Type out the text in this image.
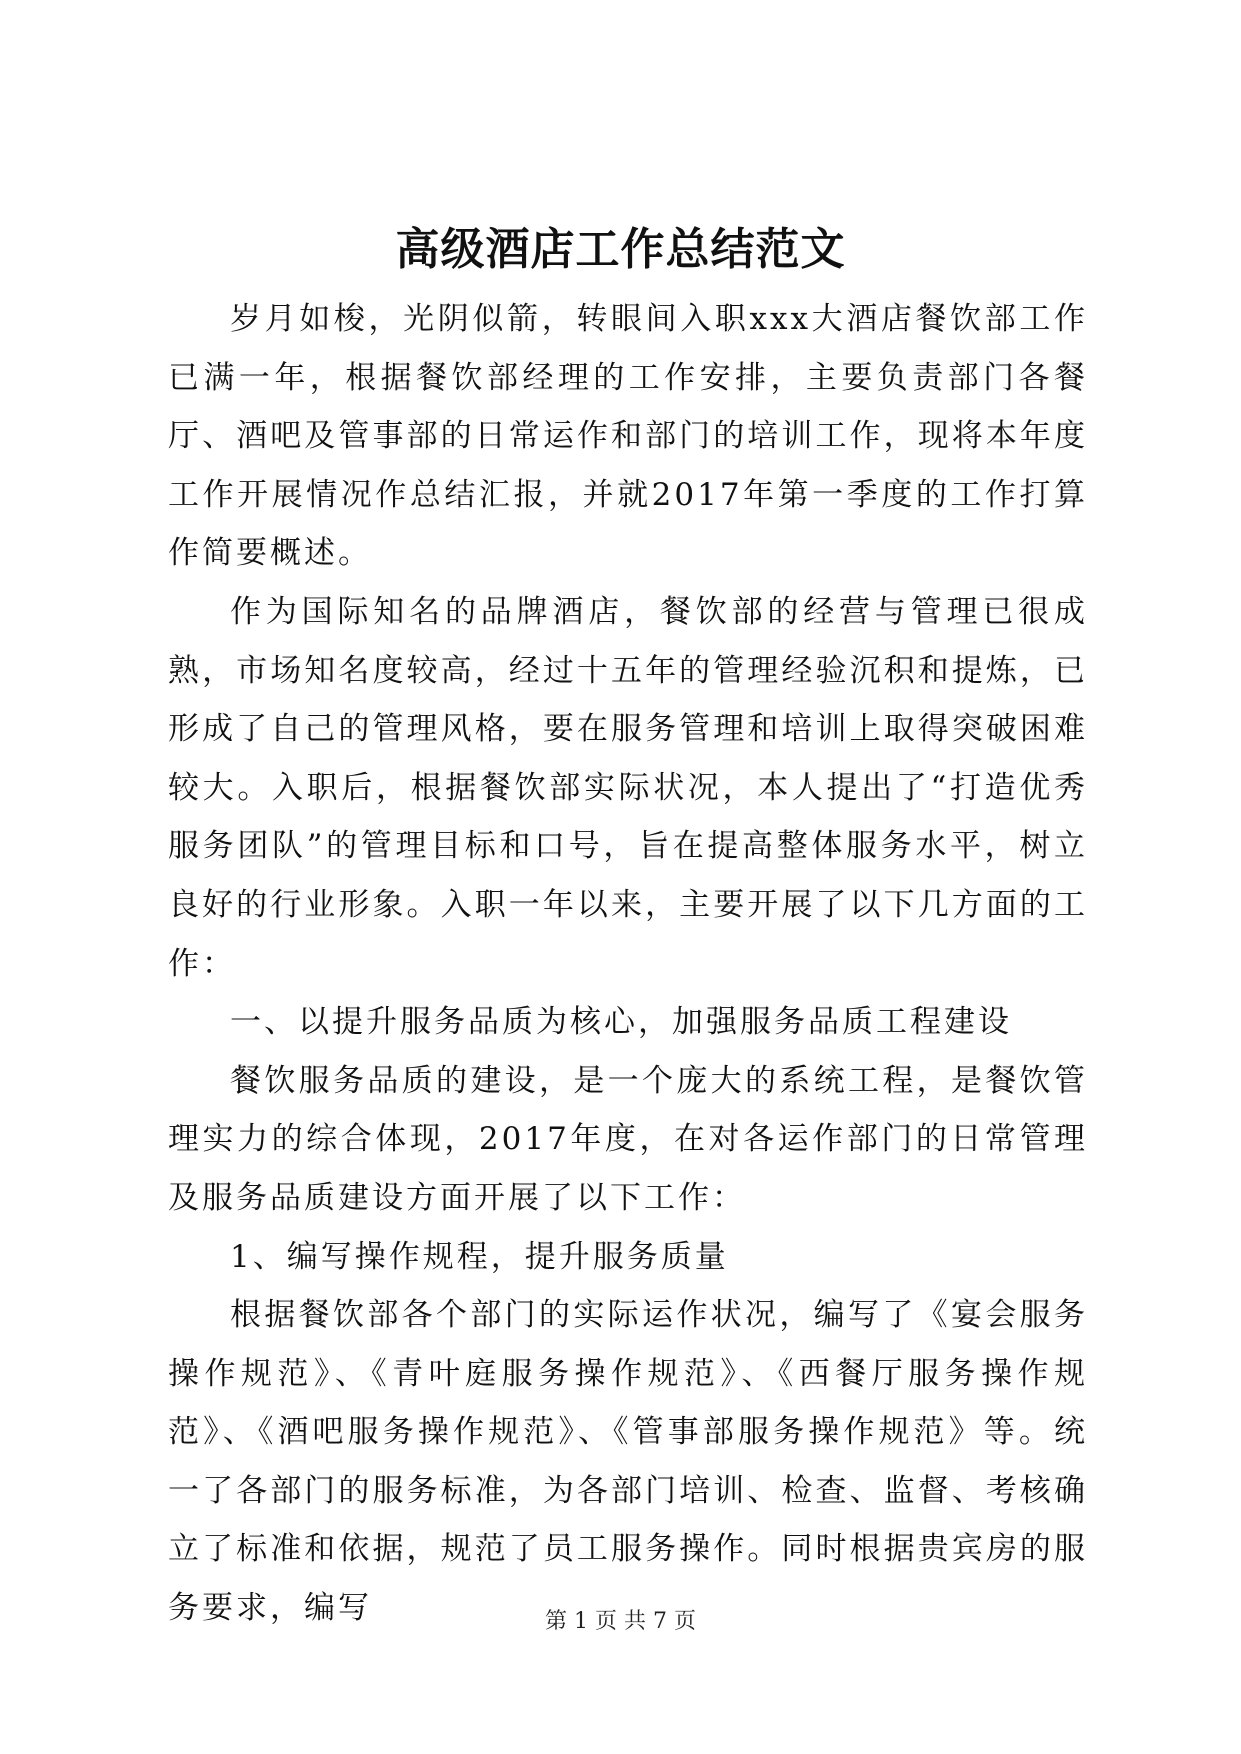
高级酒店工作总结范文

岁月如梭，光阴似箭，转眼间入职xxx大酒店餐饮部工作已满一年，根据餐饮部经理的工作安排，主要负责部门各餐厅、酒吧及管事部的日常运作和部门的培训工作，现将本年度工作开展情况作总结汇报，并就2017年第一季度的工作打算作简要概述。

作为国际知名的品牌酒店，餐饮部的经营与管理已很成熟，市场知名度较高，经过十五年的管理经验沉积和提炼，已形成了自己的管理风格，要在服务管理和培训上取得突破困难较大。入职后，根据餐饮部实际状况，本人提出了“打造优秀服务团队”的管理目标和口号，旨在提高整体服务水平，树立良好的行业形象。入职一年以来，主要开展了以下几方面的工作：

一、以提升服务品质为核心，加强服务品质工程建设

餐饮服务品质的建设，是一个庞大的系统工程，是餐饮管理实力的综合体现，2017年度，在对各运作部门的日常管理及服务品质建设方面开展了以下工作：

1、编写操作规程，提升服务质量

根据餐饮部各个部门的实际运作状况，编写了《宴会服务操作规范》、《青叶庭服务操作规范》、《西餐厅服务操作规范》、《酒吧服务操作规范》、《管事部服务操作规范》等。统一了各部门的服务标准，为各部门培训、检查、监督、考核确立了标准和依据，规范了员工服务操作。同时根据贵宾房的服务要求，编写	第 1 页 共 7 页
